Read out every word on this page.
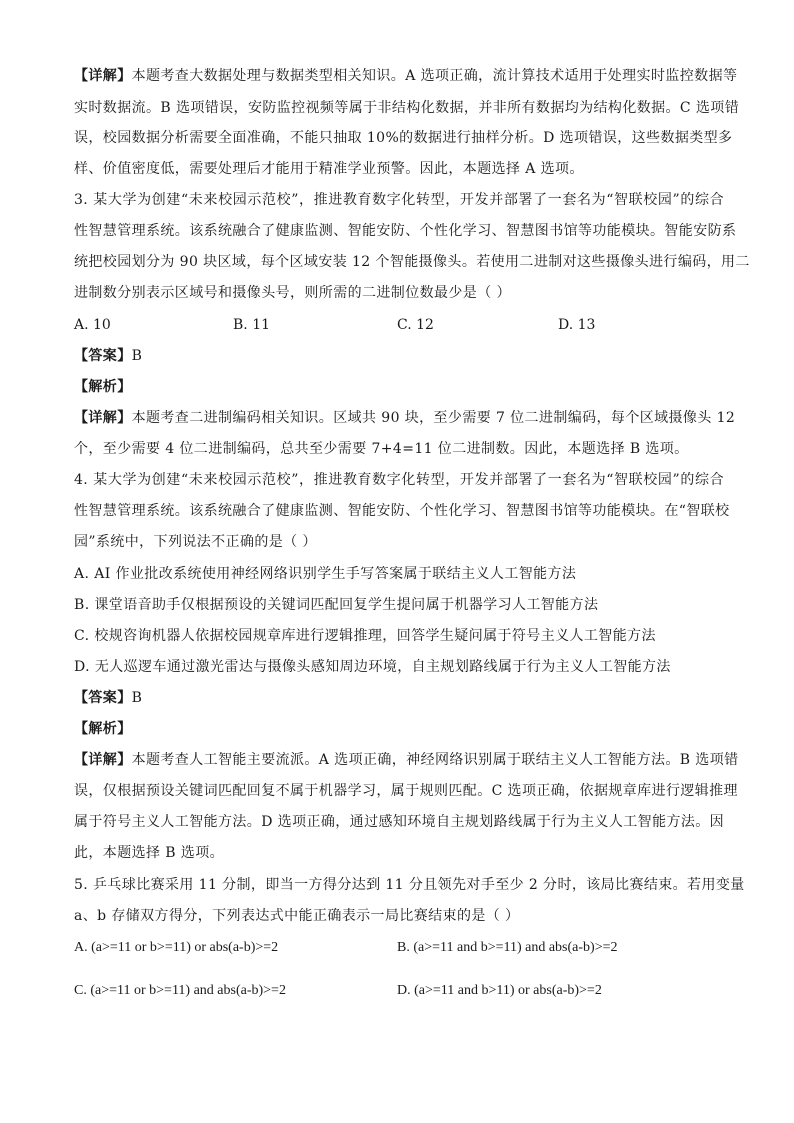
【详解】本题考查大数据处理与数据类型相关知识。A 选项正确，流计算技术适用于处理实时监控数据等
实时数据流。B 选项错误，安防监控视频等属于非结构化数据，并非所有数据均为结构化数据。C 选项错
误，校园数据分析需要全面准确，不能只抽取 10%的数据进行抽样分析。D 选项错误，这些数据类型多
样、价值密度低，需要处理后才能用于精准学业预警。因此，本题选择 A 选项。
3. 某大学为创建“未来校园示范校”，推进教育数字化转型，开发并部署了一套名为“智联校园”的综合
性智慧管理系统。该系统融合了健康监测、智能安防、个性化学习、智慧图书馆等功能模块。智能安防系
统把校园划分为 90 块区域，每个区域安装 12 个智能摄像头。若使用二进制对这些摄像头进行编码，用二
进制数分别表示区域号和摄像头号，则所需的二进制位数最少是（ ）
A. 10	B. 11	C. 12	D. 13
【答案】B
【解析】
【详解】本题考查二进制编码相关知识。区域共 90 块，至少需要 7 位二进制编码，每个区域摄像头 12
个，至少需要 4 位二进制编码，总共至少需要 7+4=11 位二进制数。因此，本题选择 B 选项。
4. 某大学为创建“未来校园示范校”，推进教育数字化转型，开发并部署了一套名为“智联校园”的综合
性智慧管理系统。该系统融合了健康监测、智能安防、个性化学习、智慧图书馆等功能模块。在“智联校
园”系统中，下列说法不正确的是（ ）
A. AI 作业批改系统使用神经网络识别学生手写答案属于联结主义人工智能方法
B. 课堂语音助手仅根据预设的关键词匹配回复学生提问属于机器学习人工智能方法
C. 校规咨询机器人依据校园规章库进行逻辑推理，回答学生疑问属于符号主义人工智能方法
D. 无人巡逻车通过激光雷达与摄像头感知周边环境，自主规划路线属于行为主义人工智能方法
【答案】B
【解析】
【详解】本题考查人工智能主要流派。A 选项正确，神经网络识别属于联结主义人工智能方法。B 选项错
误，仅根据预设关键词匹配回复不属于机器学习，属于规则匹配。C 选项正确，依据规章库进行逻辑推理
属于符号主义人工智能方法。D 选项正确，通过感知环境自主规划路线属于行为主义人工智能方法。因
此，本题选择 B 选项。
5. 乒乓球比赛采用 11 分制，即当一方得分达到 11 分且领先对手至少 2 分时，该局比赛结束。若用变量
a、b 存储双方得分，下列表达式中能正确表示一局比赛结束的是（ ）
A. (a>=11 or b>=11) or abs(a-b)>=2	B. (a>=11 and b>=11) and abs(a-b)>=2
C. (a>=11 or b>=11) and abs(a-b)>=2	D. (a>=11 and b>11) or abs(a-b)>=2
